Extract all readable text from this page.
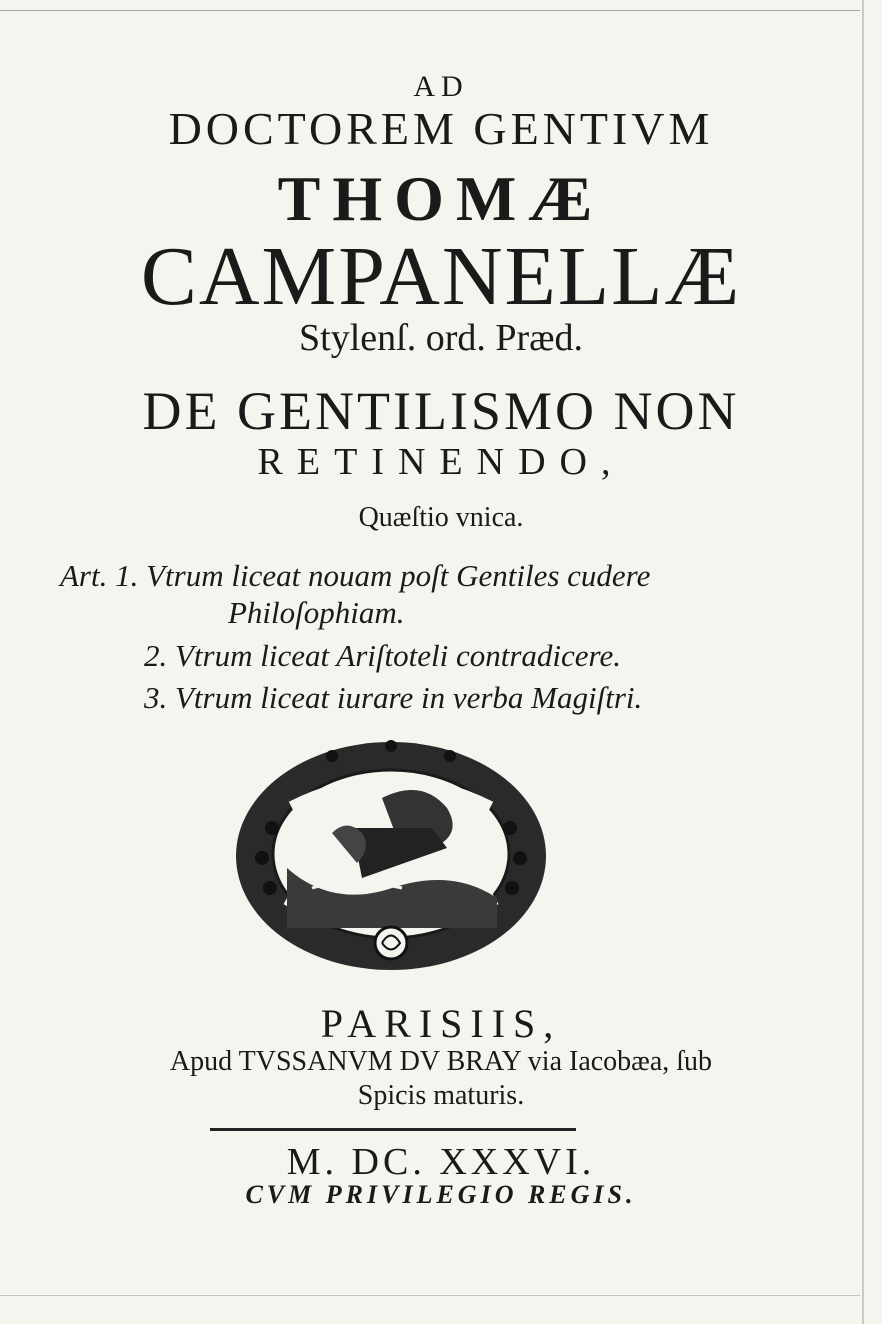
AD
DOCTOREM GENTIVM
THOMÆ
CAMPANELLÆ
Stylenſ. ord. Præd.
DE GENTILISMO NON
RETINENDO,
Quæſtio vnica.
Art. 1. Vtrum liceat nouam poſt Gentiles cudere
Philoſophiam.
2. Vtrum liceat Ariſtoteli contradicere.
3. Vtrum liceat iurare in verba Magiſtri.
PARISIIS,
Apud TVSSANVM DV BRAY via Iacobæa, ſub
Spicis maturis.
M. DC. XXXVI.
CVM PRIVILEGIO REGIS.
